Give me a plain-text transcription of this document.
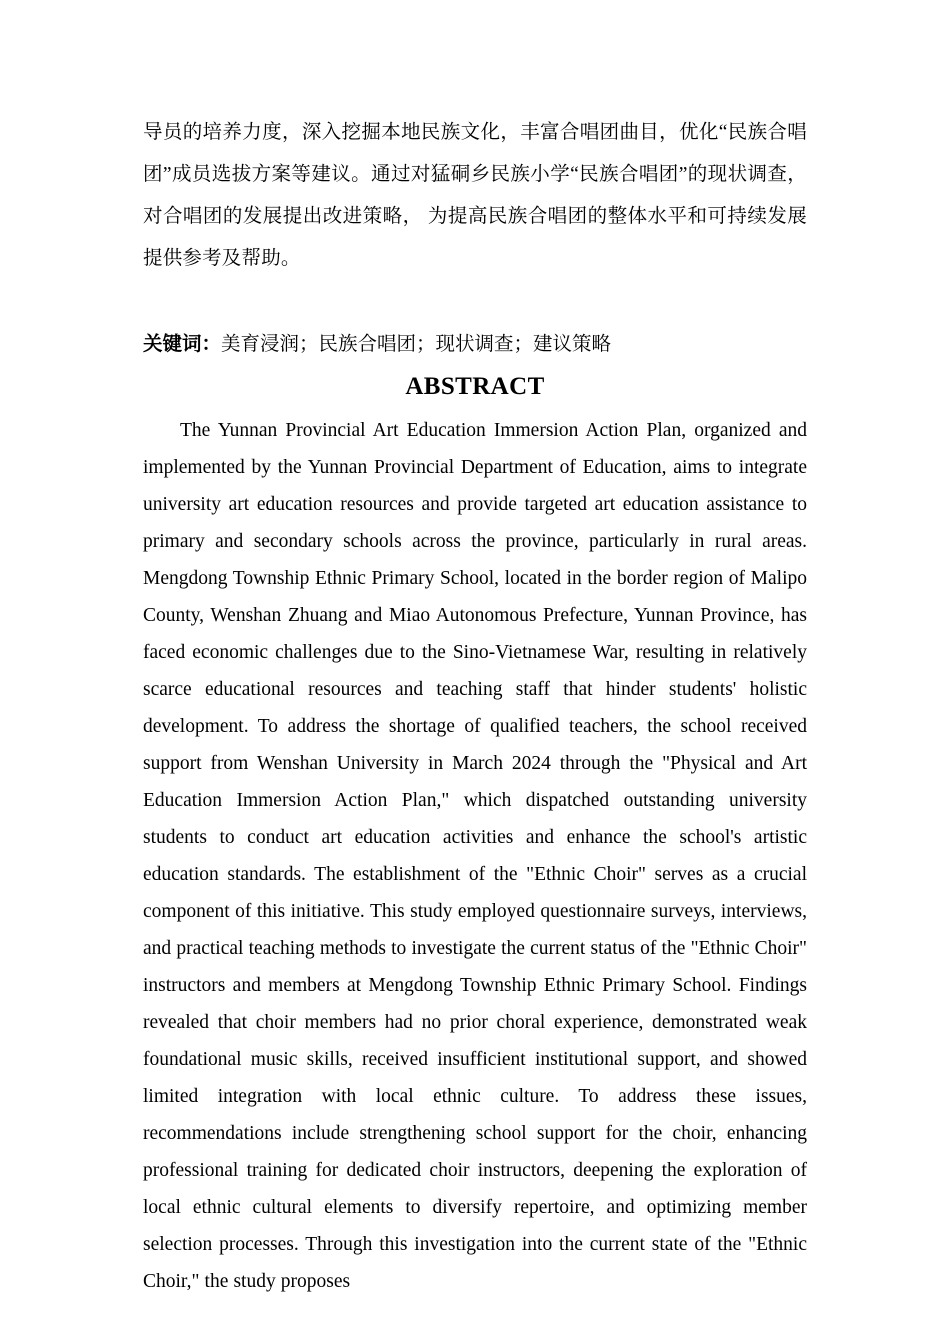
导员的培养力度，深入挖掘本地民族文化，丰富合唱团曲目，优化“民族合唱团”成员选拔方案等建议。通过对猛硐乡民族小学“民族合唱团”的现状调查，对合唱团的发展提出改进策略， 为提高民族合唱团的整体水平和可持续发展提供参考及帮助。

关键词：美育浸润；民族合唱团；现状调查；建议策略

ABSTRACT

The Yunnan Provincial Art Education Immersion Action Plan, organized and implemented by the Yunnan Provincial Department of Education, aims to integrate university art education resources and provide targeted art education assistance to primary and secondary schools across the province, particularly in rural areas. Mengdong Township Ethnic Primary School, located in the border region of Malipo County, Wenshan Zhuang and Miao Autonomous Prefecture, Yunnan Province, has faced economic challenges due to the Sino-Vietnamese War, resulting in relatively scarce educational resources and teaching staff that hinder students' holistic development. To address the shortage of qualified teachers, the school received support from Wenshan University in March 2024 through the "Physical and Art Education Immersion Action Plan," which dispatched outstanding university students to conduct art education activities and enhance the school's artistic education standards. The establishment of the "Ethnic Choir" serves as a crucial component of this initiative. This study employed questionnaire surveys, interviews, and practical teaching methods to investigate the current status of the "Ethnic Choir" instructors and members at Mengdong Township Ethnic Primary School. Findings revealed that choir members had no prior choral experience, demonstrated weak foundational music skills, received insufficient institutional support, and showed limited integration with local ethnic culture. To address these issues, recommendations include strengthening school support for the choir, enhancing professional training for dedicated choir instructors, deepening the exploration of local ethnic cultural elements to diversify repertoire, and optimizing member selection processes. Through this investigation into the current state of the "Ethnic Choir," the study proposes
